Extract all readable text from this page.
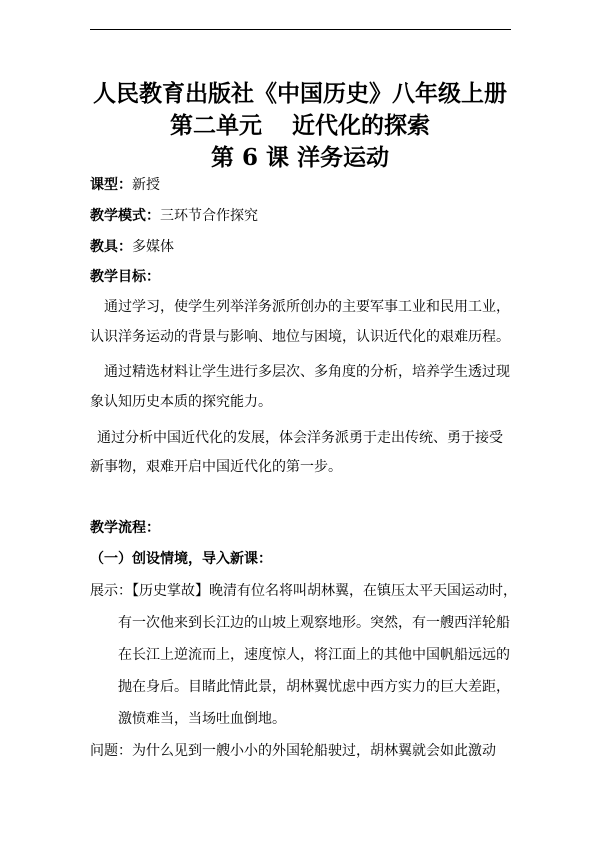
人民教育出版社《中国历史》八年级上册
第二单元 近代化的探索
第 6 课 洋务运动
课型：新授
教学模式：三环节合作探究
教具：多媒体
教学目标：
通过学习，使学生列举洋务派所创办的主要军事工业和民用工业，
认识洋务运动的背景与影响、地位与困境，认识近代化的艰难历程。
通过精选材料让学生进行多层次、多角度的分析，培养学生透过现
象认知历史本质的探究能力。
通过分析中国近代化的发展，体会洋务派勇于走出传统、勇于接受
新事物，艰难开启中国近代化的第一步。
教学流程：
（一）创设情境，导入新课：
展示：【历史掌故】晚清有位名将叫胡林翼，在镇压太平天国运动时，
有一次他来到长江边的山坡上观察地形。突然，有一艘西洋轮船
在长江上逆流而上，速度惊人，将江面上的其他中国帆船远远的
抛在身后。目睹此情此景，胡林翼忧虑中西方实力的巨大差距，
激愤难当，当场吐血倒地。
问题：为什么见到一艘小小的外国轮船驶过，胡林翼就会如此激动
